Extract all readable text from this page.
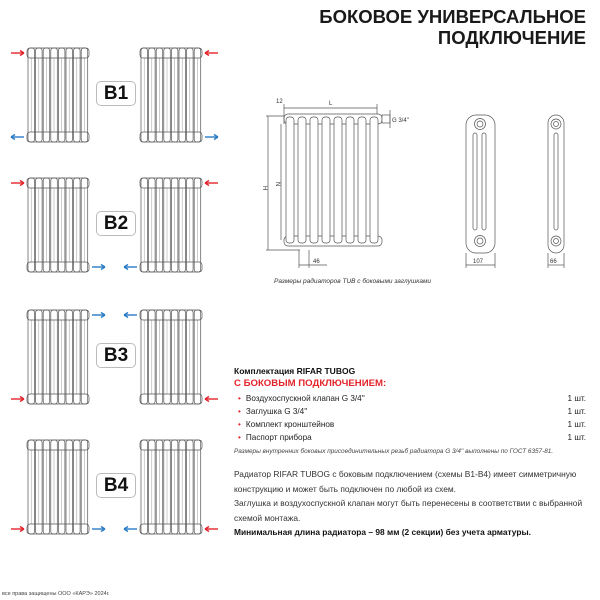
БОКОВОЕ УНИВЕРСАЛЬНОЕ
ПОДКЛЮЧЕНИЕ
B1
B2
B3
B4
12	L
H
N
46
G 3/4''
107	66
Размеры радиаторов TUB с боковыми заглушками
Комплектация RIFAR TUBOG
С БОКОВЫМ ПОДКЛЮЧЕНИЕМ:
• Воздухоспускной клапан G 3/4''	1 шт.
• Заглушка G 3/4''	1 шт.
• Комплект кронштейнов	1 шт.
• Паспорт прибора	1 шт.
Размеры внутренних боковых присоединительных резьб радиатора G 3/4'' выполнены по ГОСТ 6357-81.
Радиатор RIFAR TUBOG с боковым подключением (схемы В1-В4) имеет симметричную конструкцию и может быть подключен по любой из схем.
Заглушка и воздухоспускной клапан могут быть перенесены в соответствии с выбранной схемой монтажа.
Минимальная длина радиатора – 98 мм (2 секции) без учета арматуры.
все права защищены ООО «КАРЭ» 2024г.
